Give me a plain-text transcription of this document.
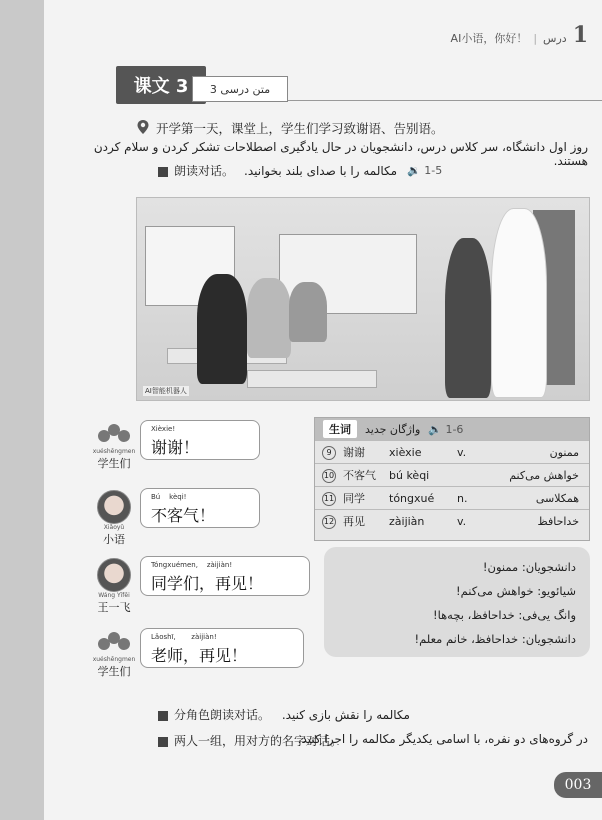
AI小语，你好！ | درس 1
课文 3	متن درسی 3
开学第一天，课堂上，学生们学习致谢语、告别语。
روز اول دانشگاه، سر کلاس درس، دانشجویان در حال یادگیری اصطلاحات تشکر کردن و سلام کردن هستند.
朗读对话。 مکالمه را با صدای بلند بخوانید. 🔉 1-5
AI智能机器人
xuéshēngmen
学生们
Xièxie!
谢谢！
Xiǎoyǔ
小语
Bú    kèqi!
不客气！
Wáng Yīfēi
王一飞
Tóngxuémen,    zàijiàn!
同学们，再见！
xuéshēngmen
学生们
Lǎoshī,       zàijiàn!
老师，再见！
生词	واژگان جدید 🔉 1-6
9	谢谢	xièxie	v.	ممنون
10 不客气	bú kèqi	خواهش می‌کنم
11 同学	tóngxué	n.	همکلاسی
12 再见	zàijiàn	v.	خداحافظ
دانشجویان: ممنون!
شیائویو: خواهش می‌کنم!
وانگ یی‌فی: خداحافظ، بچه‌ها!
دانشجویان: خداحافظ، خانم معلم!
分角色朗读对话。 مکالمه را نقش بازی کنید.
两人一组，用对方的名字对话。
در گروه‌های دو نفره، با اسامی یکدیگر مکالمه را اجرا کنید.
003
